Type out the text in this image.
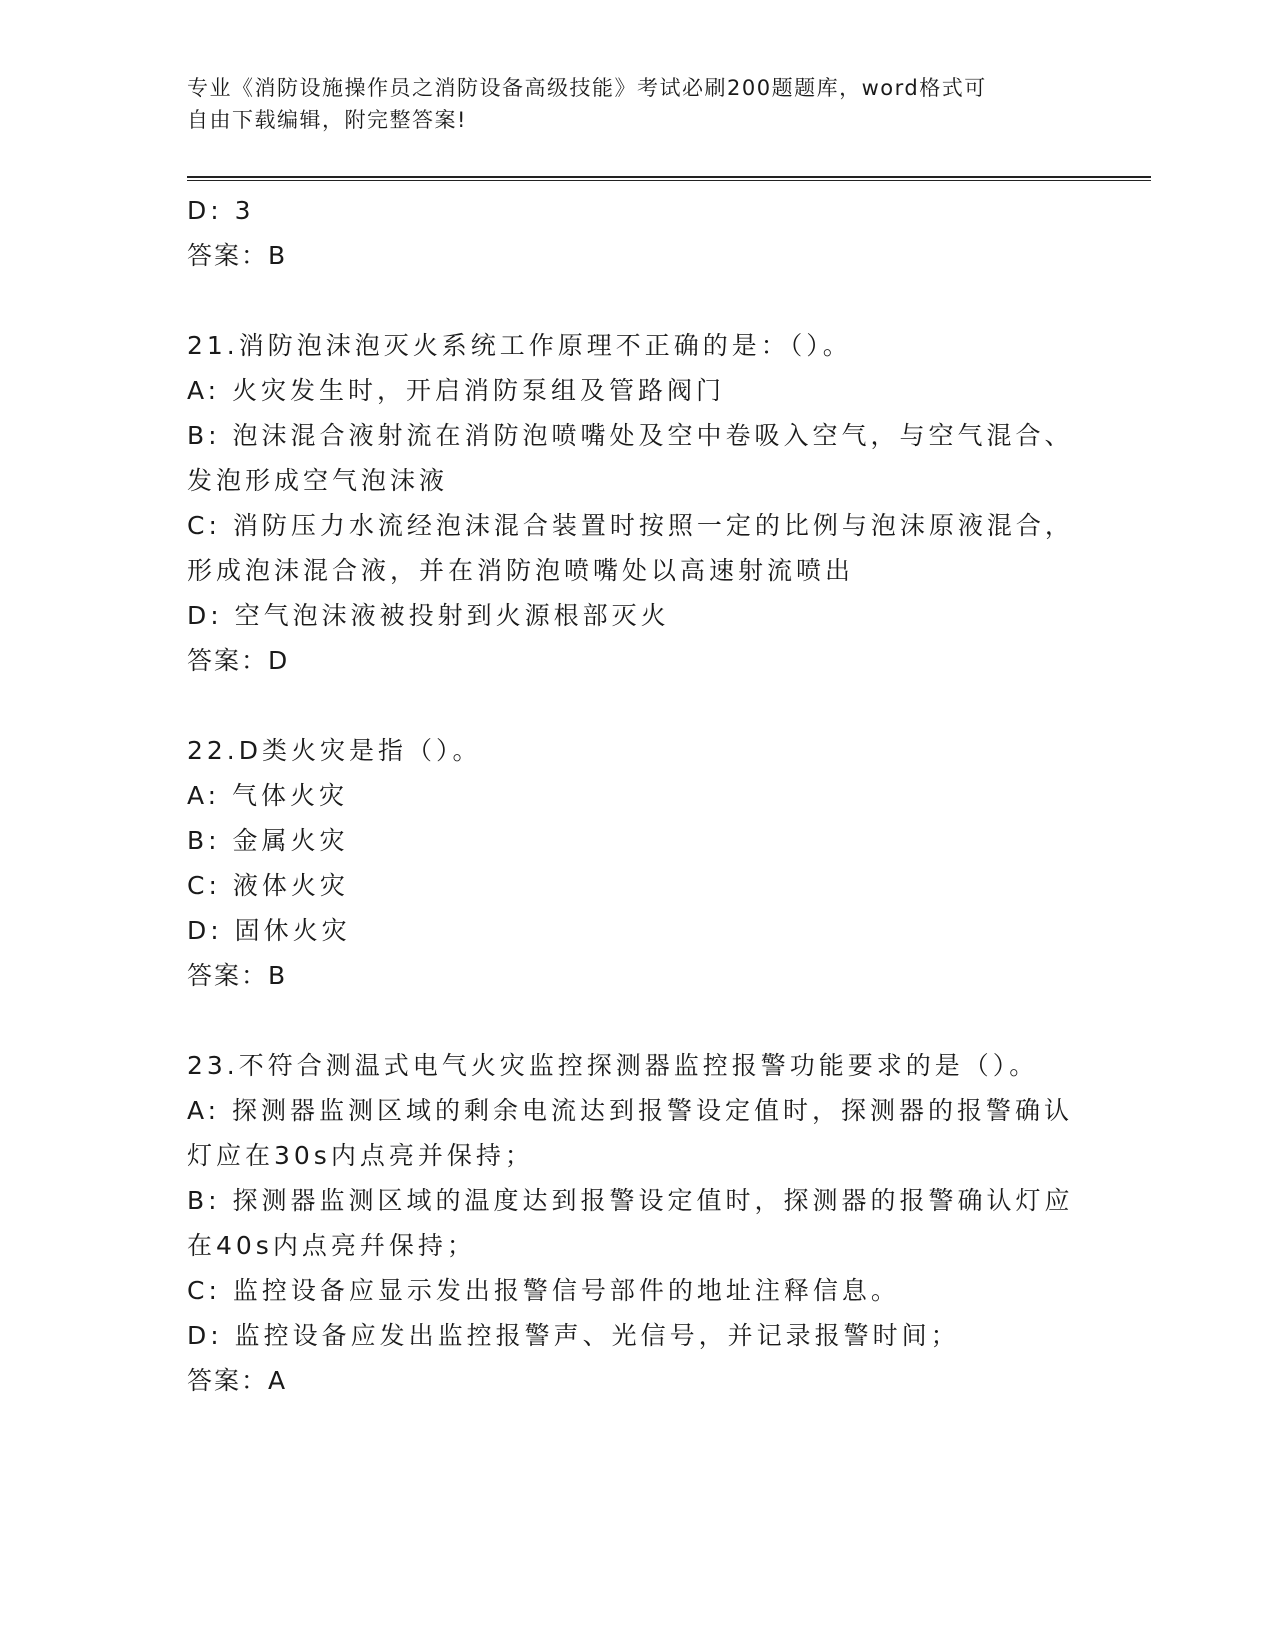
专业《消防设施操作员之消防设备高级技能》考试必刷200题题库，word格式可
自由下载编辑，附完整答案!
D: 3
答案：B
21.消防泡沫泡灭火系统工作原理不正确的是：（）。
A: 火灾发生时，开启消防泵组及管路阀门
B: 泡沫混合液射流在消防泡喷嘴处及空中卷吸入空气，与空气混合、
发泡形成空气泡沫液
C: 消防压力水流经泡沫混合装置时按照一定的比例与泡沫原液混合，
形成泡沫混合液，并在消防泡喷嘴处以高速射流喷出
D: 空气泡沫液被投射到火源根部灭火
答案：D
22.D类火灾是指（）。
A: 气体火灾
B: 金属火灾
C: 液体火灾
D: 固休火灾
答案：B
23.不符合测温式电气火灾监控探测器监控报警功能要求的是（）。
A: 探测器监测区域的剩余电流达到报警设定值时，探测器的报警确认
灯应在30s内点亮并保持；
B: 探测器监测区域的温度达到报警设定值时，探测器的报警确认灯应
在40s内点亮幷保持；
C: 监控设备应显示发出报警信号部件的地址注释信息。
D: 监控设备应发出监控报警声、光信号，并记录报警时间；
答案：A
